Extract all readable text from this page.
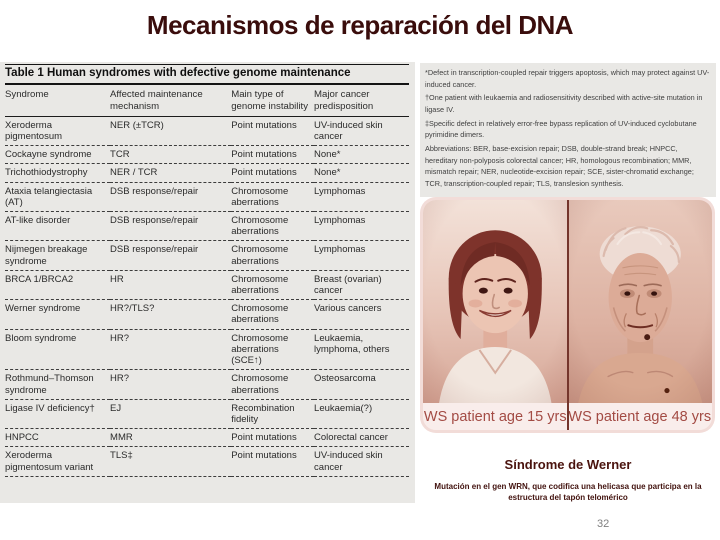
Mecanismos de reparación del DNA
Table 1 Human syndromes with defective genome maintenance
Syndrome	Affected maintenance mechanism	Main type of genome instability	Major cancer predisposition
Xeroderma pigmentosum	NER (±TCR)	Point mutations	UV-induced skin cancer
Cockayne syndrome	TCR	Point mutations	None*
Trichothiodystrophy	NER / TCR	Point mutations	None*
Ataxia telangiectasia (AT)	DSB response/repair	Chromosome aberrations	Lymphomas
AT-like disorder	DSB response/repair	Chromosome aberrations	Lymphomas
Nijmegen breakage syndrome	DSB response/repair	Chromosome aberrations	Lymphomas
BRCA 1/BRCA2	HR	Chromosome aberrations	Breast (ovarian) cancer
Werner syndrome	HR?/TLS?	Chromosome aberrations	Various cancers
Bloom syndrome	HR?	Chromosome aberrations (SCE↑)	Leukaemia, lymphoma, others
Rothmund–Thomson syndrome	HR?	Chromosome aberrations	Osteosarcoma
Ligase IV deficiency†	EJ	Recombination fidelity	Leukaemia(?)
HNPCC	MMR	Point mutations	Colorectal cancer
Xeroderma pigmentosum variant	TLS‡	Point mutations	UV-induced skin cancer

*Defect in transcription-coupled repair triggers apoptosis, which may protect against UV-induced cancer.

†One patient with leukaemia and radiosensitivity described with active-site mutation in ligase IV.

‡Specific defect in relatively error-free bypass replication of UV-induced cyclobutane pyrimidine dimers.

Abbreviations: BER, base-excision repair; DSB, double-strand break; HNPCC, hereditary non-polyposis colorectal cancer; HR, homologous recombination; MMR, mismatch repair; NER, nucleotide-excision repair; SCE, sister-chromatid exchange; TCR, transcription-coupled repair; TLS, translesion synthesis.

WS patient age 15 yrs WS patient age 48 yrs
Síndrome de Werner
Mutación en el gen WRN, que codifica una helicasa que participa en la estructura del tapón telomérico
32
